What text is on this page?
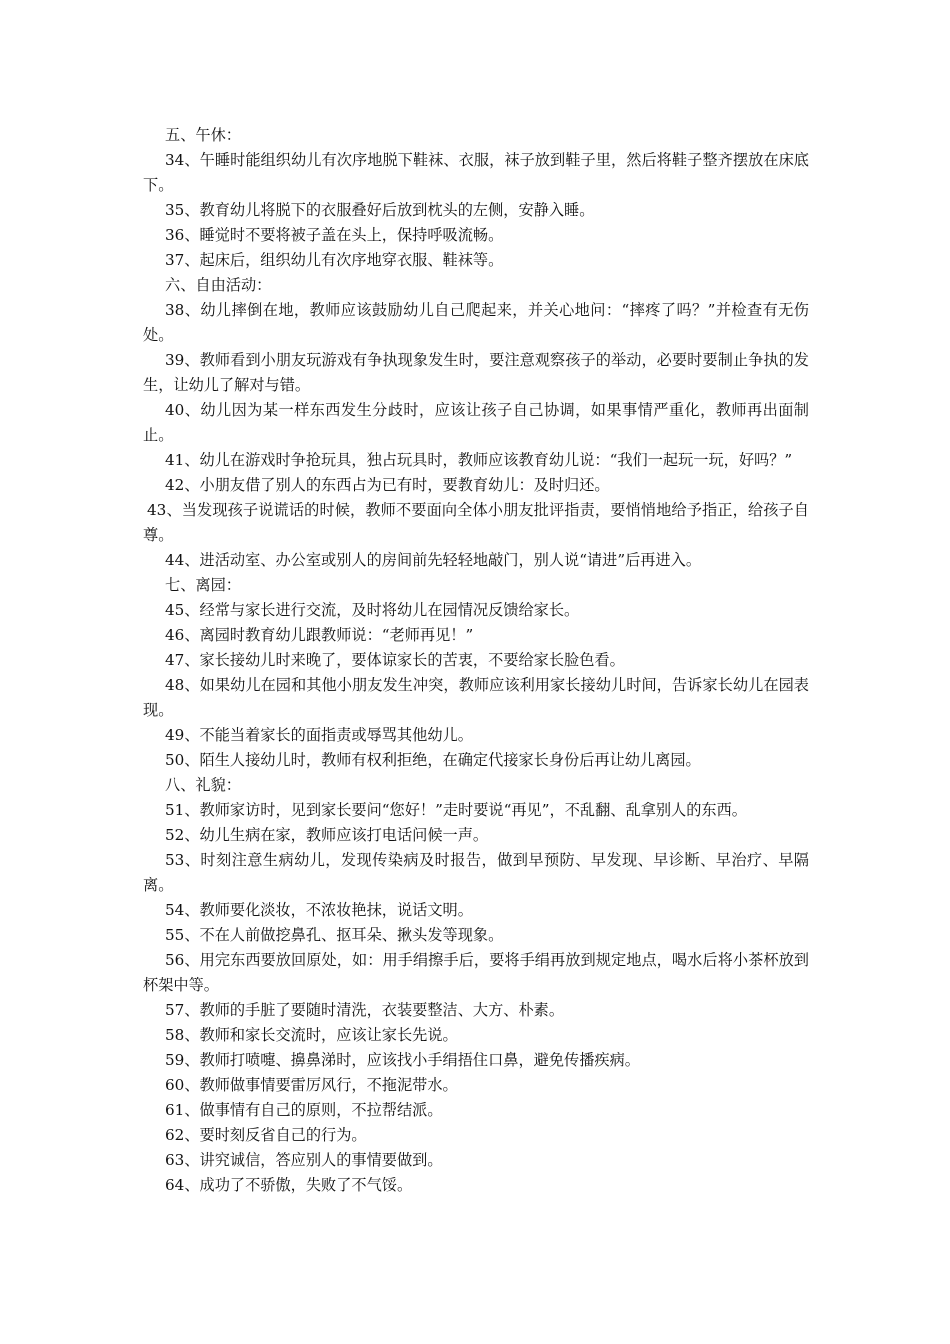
五、午休：

34、午睡时能组织幼儿有次序地脱下鞋袜、衣服，袜子放到鞋子里，然后将鞋子整齐摆放在床底下。

35、教育幼儿将脱下的衣服叠好后放到枕头的左侧，安静入睡。

36、睡觉时不要将被子盖在头上，保持呼吸流畅。

37、起床后，组织幼儿有次序地穿衣服、鞋袜等。

六、自由活动：

38、幼儿摔倒在地，教师应该鼓励幼儿自己爬起来，并关心地问：“摔疼了吗？”并检查有无伤处。

39、教师看到小朋友玩游戏有争执现象发生时，要注意观察孩子的举动，必要时要制止争执的发生，让幼儿了解对与错。

40、幼儿因为某一样东西发生分歧时，应该让孩子自己协调，如果事情严重化，教师再出面制止。

41、幼儿在游戏时争抢玩具，独占玩具时，教师应该教育幼儿说：“我们一起玩一玩，好吗？”

42、小朋友借了别人的东西占为已有时，要教育幼儿：及时归还。

43、当发现孩子说谎话的时候，教师不要面向全体小朋友批评指责，要悄悄地给予指正，给孩子自尊。

44、进活动室、办公室或别人的房间前先轻轻地敲门，别人说“请进”后再进入。

七、离园：

45、经常与家长进行交流，及时将幼儿在园情况反馈给家长。

46、离园时教育幼儿跟教师说：“老师再见！”

47、家长接幼儿时来晚了，要体谅家长的苦衷，不要给家长脸色看。

48、如果幼儿在园和其他小朋友发生冲突，教师应该利用家长接幼儿时间，告诉家长幼儿在园表现。

49、不能当着家长的面指责或辱骂其他幼儿。

50、陌生人接幼儿时，教师有权利拒绝，在确定代接家长身份后再让幼儿离园。

八、礼貌：

51、教师家访时，见到家长要问“您好！”走时要说“再见”，不乱翻、乱拿别人的东西。

52、幼儿生病在家，教师应该打电话问候一声。

53、时刻注意生病幼儿，发现传染病及时报告，做到早预防、早发现、早诊断、早治疗、早隔离。

54、教师要化淡妆，不浓妆艳抹，说话文明。

55、不在人前做挖鼻孔、抠耳朵、揪头发等现象。

56、用完东西要放回原处，如：用手绢擦手后，要将手绢再放到规定地点，喝水后将小茶杯放到杯架中等。

57、教师的手脏了要随时清洗，衣装要整洁、大方、朴素。

58、教师和家长交流时，应该让家长先说。

59、教师打喷嚏、擤鼻涕时，应该找小手绢捂住口鼻，避免传播疾病。

60、教师做事情要雷厉风行，不拖泥带水。

61、做事情有自己的原则，不拉帮结派。

62、要时刻反省自己的行为。

63、讲究诚信，答应别人的事情要做到。

64、成功了不骄傲，失败了不气馁。
